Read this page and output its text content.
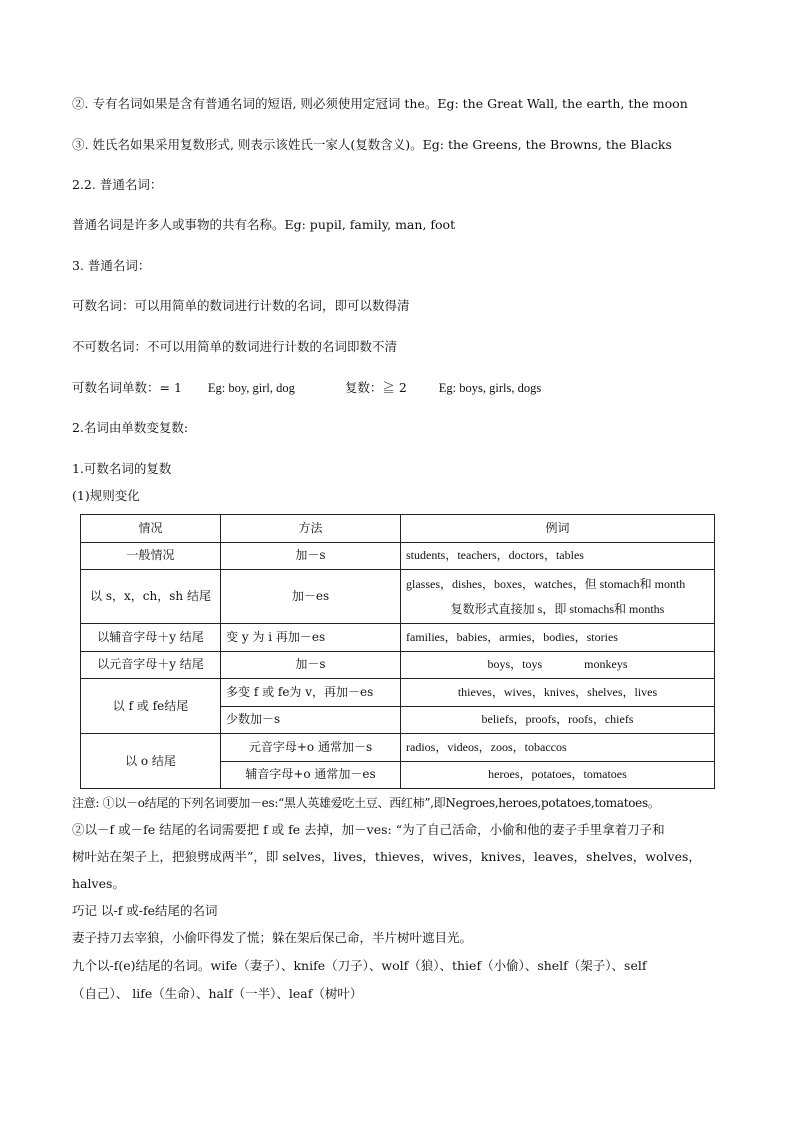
②. 专有名词如果是含有普通名词的短语, 则必须使用定冠词 the。Eg: the Great Wall, the earth, the moon
③. 姓氏名如果采用复数形式, 则表示该姓氏一家人(复数含义)。Eg: the Greens, the Browns, the Blacks
2.2. 普通名词：
普通名词是许多人或事物的共有名称。Eg: pupil, family, man, foot
3. 普通名词：
可数名词：可以用简单的数词进行计数的名词，即可以数得清
不可数名词：不可以用简单的数词进行计数的名词即数不清
可数名词单数：= 1 Eg: boy, girl, dog	复数：≧ 2	Eg: boys, girls, dogs
2.名词由单数变复数:
1.可数名词的复数
(1)规则变化
情况	方法	例词
一般情况	加－s	students，teachers，doctors，tables
以 s，x，ch，sh 结尾	加－es	glasses，dishes，boxes，watches，但 stomach和 month
复数形式直接加 s，即 stomachs和 months

以辅音字母＋y 结尾	变 y 为 i 再加－es	families，babies，armies，bodies，stories
以元音字母＋y 结尾	加－s	boys，toys              monkeys
以 f 或 fe结尾	多变 f 或 fe为 v，再加－es	thieves，wives，knives，shelves，lives
	少数加－s	beliefs，proofs，roofs，chiefs
以 o 结尾	元音字母+o 通常加－s	radios，videos，zoos，tobaccos
	辅音字母+o 通常加－es	heroes，potatoes，tomatoes
注意: ①以－o结尾的下列名词要加－es:“黑人英雄爱吃土豆、西红柿”,即Negroes,heroes,potatoes,tomatoes。
②以－f 或－fe 结尾的名词需要把 f 或 fe 去掉，加－ves: “为了自己活命，小偷和他的妻子手里拿着刀子和
树叶站在架子上，把狼劈成两半”，即 selves，lives，thieves，wives，knives，leaves，shelves，wolves，
halves。
巧记 以-f 或-fe结尾的名词
妻子持刀去宰狼，小偷吓得发了慌；躲在架后保己命，半片树叶遮目光。
九个以-f(e)结尾的名词。wife（妻子）、knife（刀子）、wolf（狼）、thief（小偷）、shelf（架子）、self
（自己）、 life（生命）、half（一半）、leaf（树叶）
